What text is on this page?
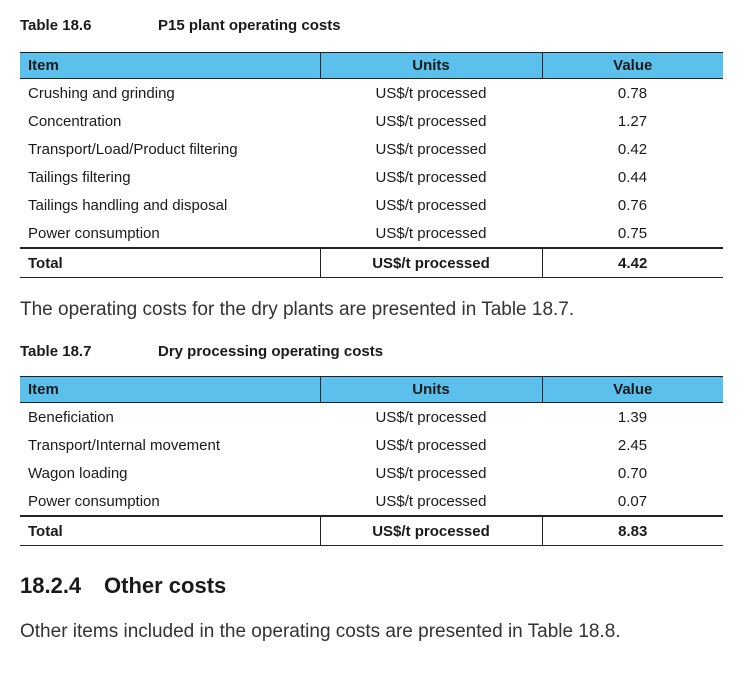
Table 18.6	P15 plant operating costs
Item	Units	Value
Crushing and grinding	US$/t processed	0.78
Concentration	US$/t processed	1.27
Transport/Load/Product filtering	US$/t processed	0.42
Tailings filtering	US$/t processed	0.44
Tailings handling and disposal	US$/t processed	0.76
Power consumption	US$/t processed	0.75
Total	US$/t processed	4.42
The operating costs for the dry plants are presented in Table 18.7.
Table 18.7	Dry processing operating costs
Item	Units	Value
Beneficiation	US$/t processed	1.39
Transport/Internal movement	US$/t processed	2.45
Wagon loading	US$/t processed	0.70
Power consumption	US$/t processed	0.07
Total	US$/t processed	8.83
18.2.4 Other costs
Other items included in the operating costs are presented in Table 18.8.
